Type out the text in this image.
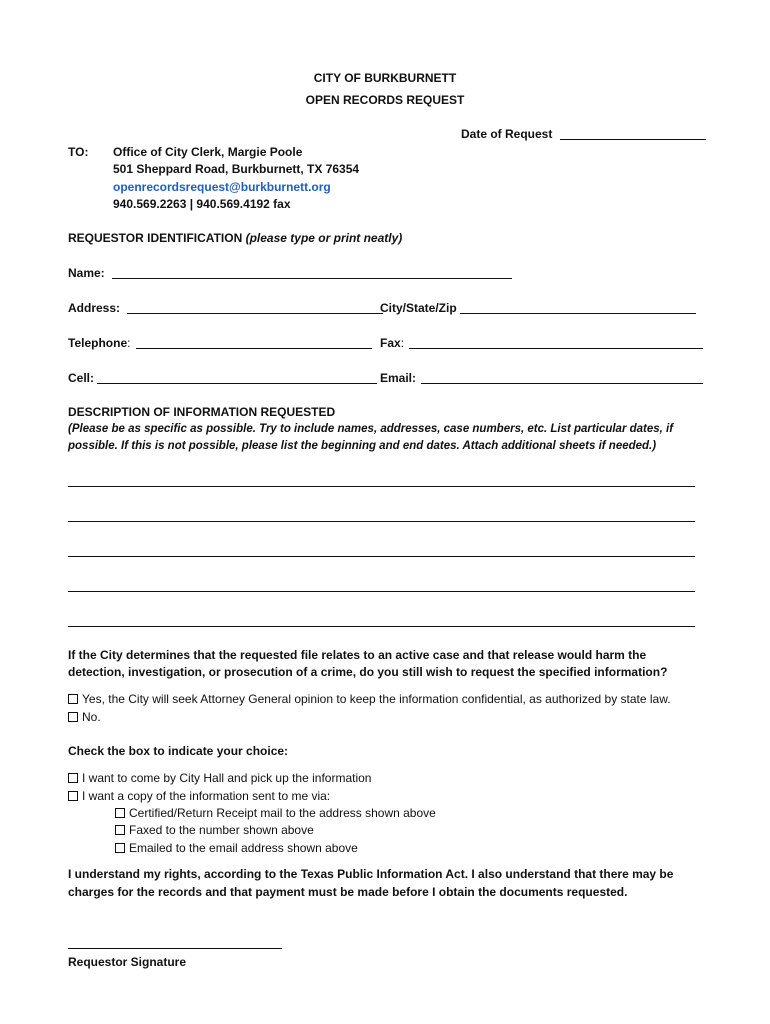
CITY OF BURKBURNETT
OPEN RECORDS REQUEST
Date of Request
TO: Office of City Clerk, Margie Poole
501 Sheppard Road, Burkburnett, TX 76354
openrecordsrequest@burkburnett.org
940.569.2263 | 940.569.4192 fax
REQUESTOR IDENTIFICATION (please type or print neatly)
Name:
Address:	City/State/Zip
Telephone:	Fax:
Cell:	Email:
DESCRIPTION OF INFORMATION REQUESTED
(Please be as specific as possible. Try to include names, addresses, case numbers, etc. List particular dates, if
possible. If this is not possible, please list the beginning and end dates. Attach additional sheets if needed.)
If the City determines that the requested file relates to an active case and that release would harm the
detection, investigation, or prosecution of a crime, do you still wish to request the specified information?
Yes, the City will seek Attorney General opinion to keep the information confidential, as authorized by state law.
No.
Check the box to indicate your choice:
I want to come by City Hall and pick up the information
I want a copy of the information sent to me via:
Certified/Return Receipt mail to the address shown above
Faxed to the number shown above
Emailed to the email address shown above
I understand my rights, according to the Texas Public Information Act. I also understand that there may be
charges for the records and that payment must be made before I obtain the documents requested.
Requestor Signature
